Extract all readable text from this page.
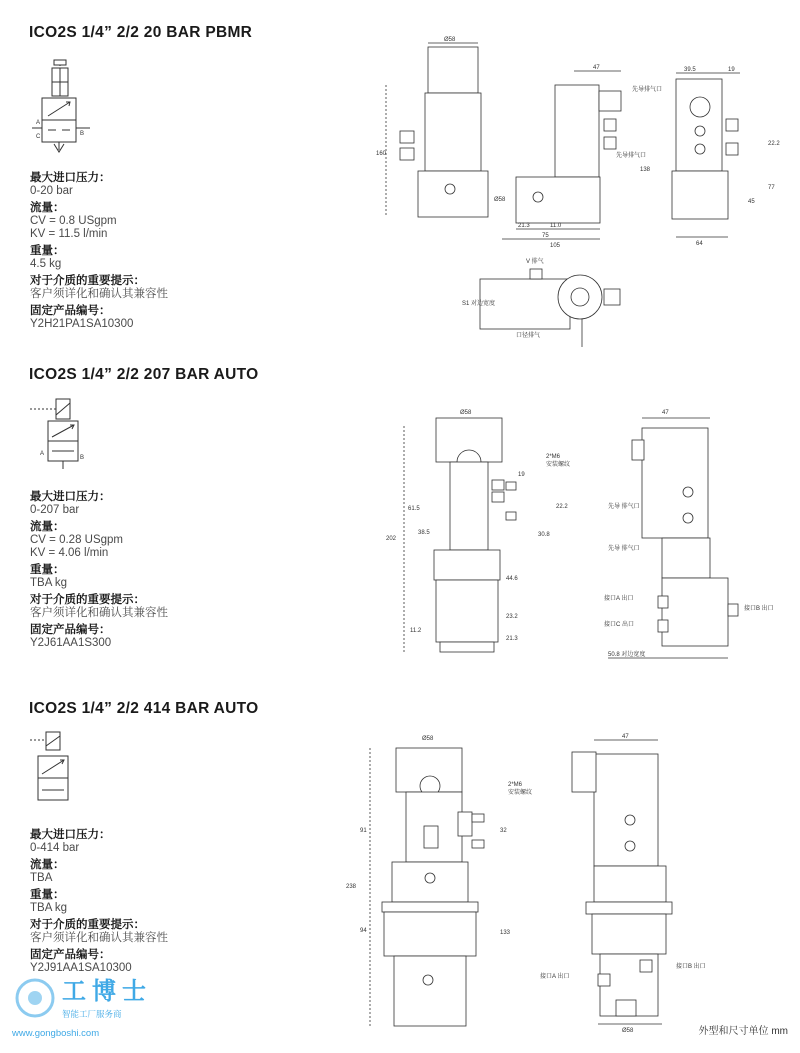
ICO2S 1/4” 2/2 20 BAR PBMR
A
C	B
最大进口压力：
0-20 bar
流量：
CV = 0.8 USgpm
KV = 11.5 l/min
重量：
4.5 kg
对于介质的重要提示：
客户须详化和确认其兼容性
固定产品编号：
Y2H21PA1SA10300
Ø58
47	39.5	19
160
138
Ø58
77
45
22.2
21.3	11.0
75
105	64
先导排气口
先导排气口
V 排气
S1 对边宽度
口径排气
ICO2S 1/4” 2/2 207 BAR AUTO
A
B
最大进口压力：
0-207 bar
流量：
CV = 0.28 USgpm
KV = 4.06 l/min
重量：
TBA kg
对于介质的重要提示：
客户须详化和确认其兼容性
固定产品编号：
Y2J61AA1S300
Ø58	47
19
2*M6
安装螺纹
202
61.5
38.5
44.6
22.2
30.8
23.2
21.3
11.2
接口A 出口
接口C 出口
接口B 出口
先导 排气口
先导 排气口
50.8 对边宽度
ICO2S 1/4” 2/2 414 BAR AUTO
最大进口压力：
0-414 bar
流量：
TBA
重量：
TBA kg
对于介质的重要提示：
客户须详化和确认其兼容性
固定产品编号：
Y2J91AA1SA10300
Ø58	47
2*M6
安装螺纹
91
238
94
32
133
接口A 出口
接口B 出口
Ø58	外型和尺寸单位 mm
工博士
智能工厂服务商
www.gongboshi.com
